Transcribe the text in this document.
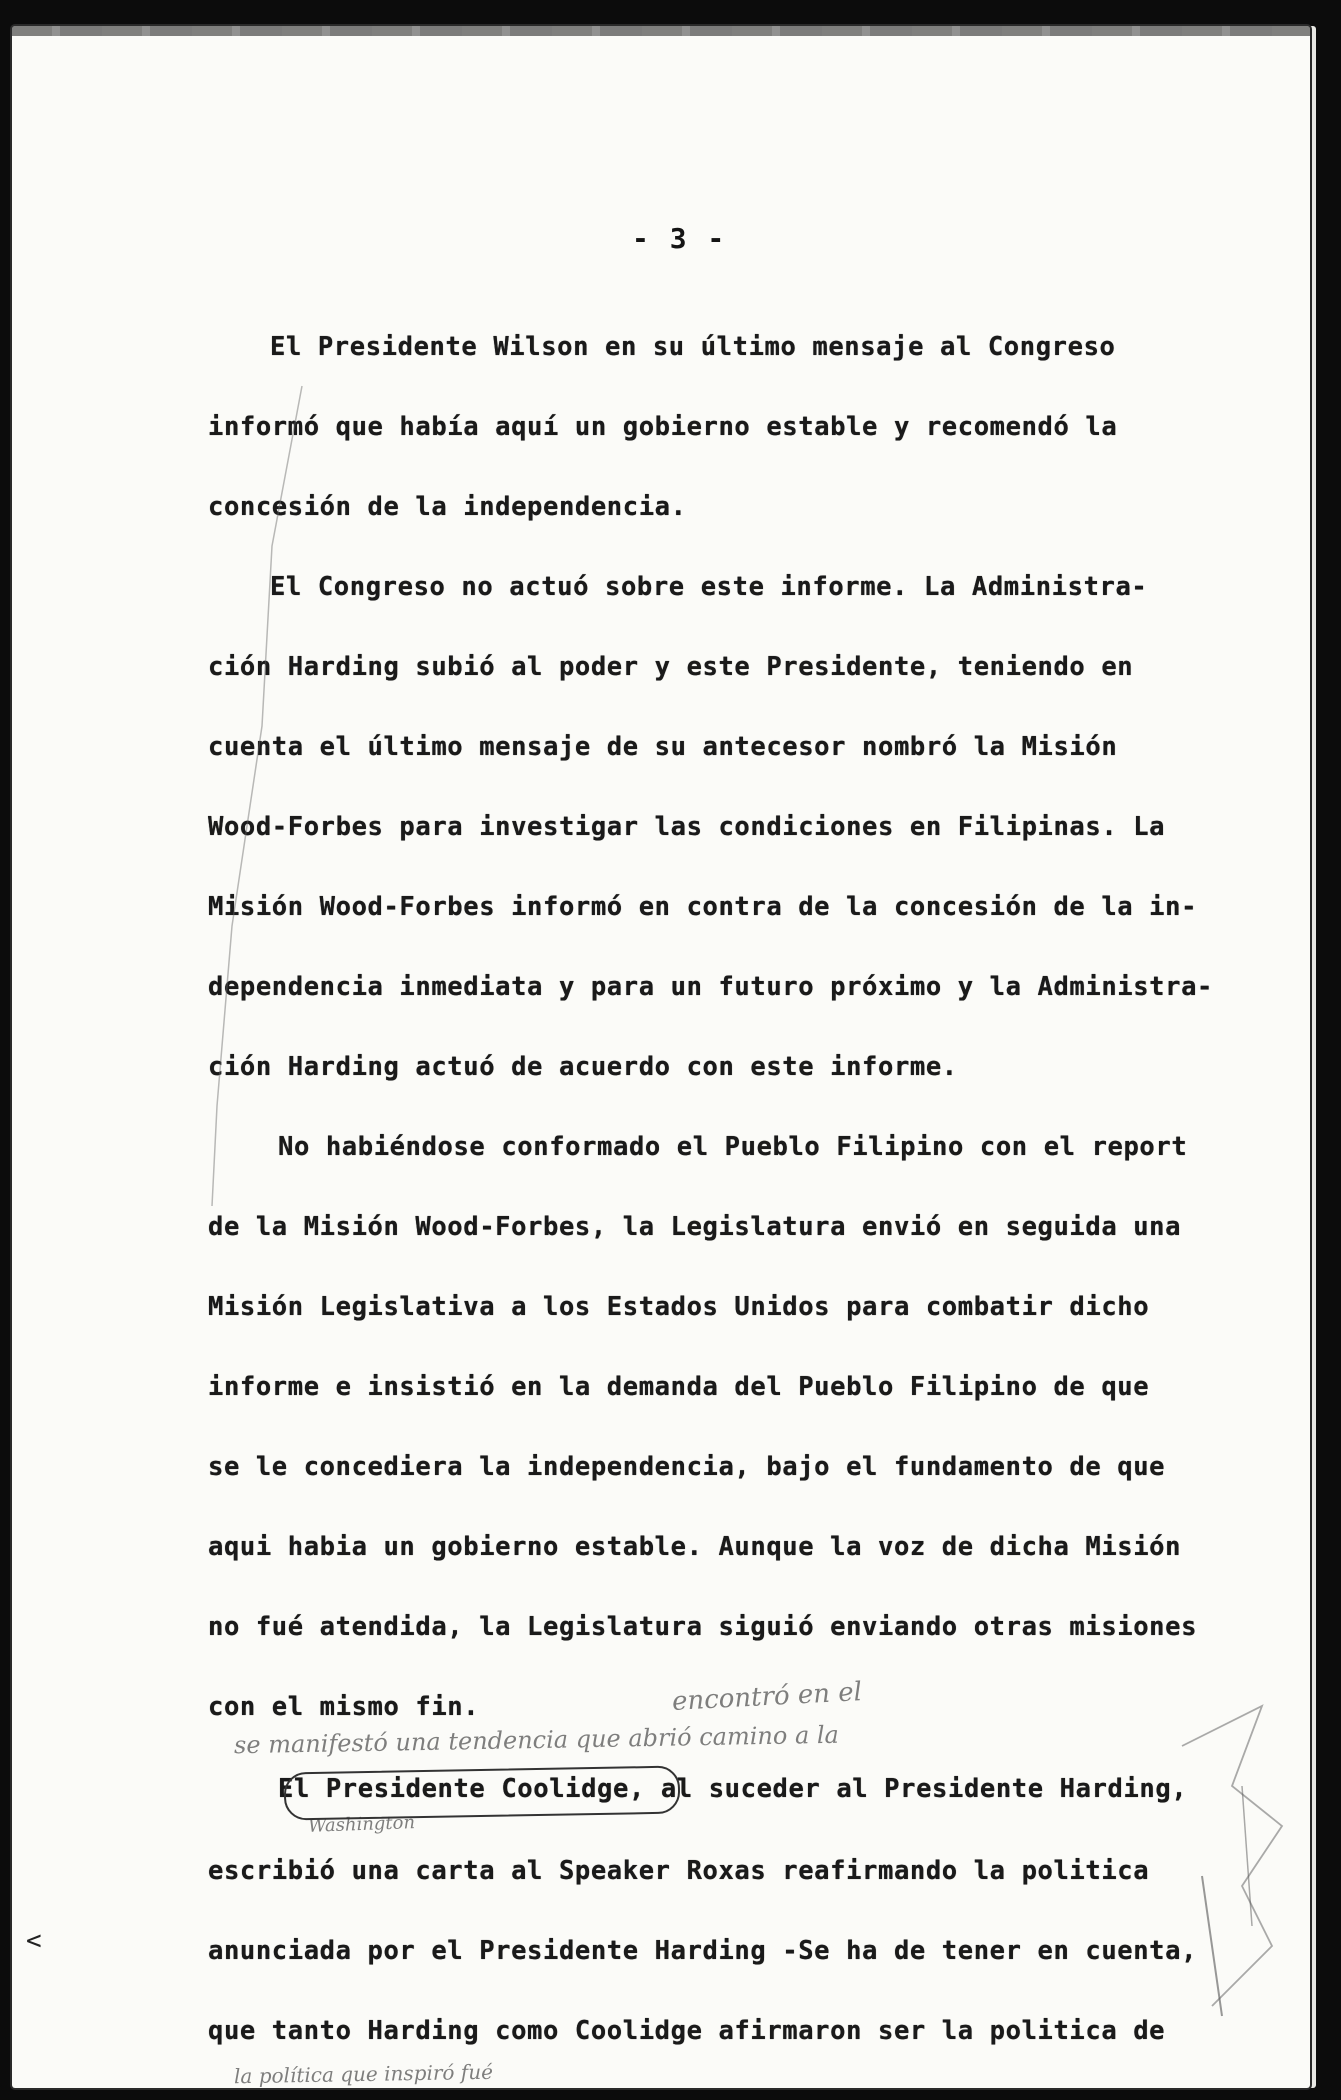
- 3 -
El Presidente Wilson en su último mensaje al Congreso
informó que había aquí un gobierno estable y recomendó la
concesión de la independencia.
El Congreso no actuó sobre este informe. La Administra-
ción Harding subió al poder y este Presidente, teniendo en
cuenta el último mensaje de su antecesor nombró la Misión
Wood-Forbes para investigar las condiciones en Filipinas. La
Misión Wood-Forbes informó en contra de la concesión de la in-
dependencia inmediata y para un futuro próximo y la Administra-
ción Harding actuó de acuerdo con este informe.
No habiéndose conformado el Pueblo Filipino con el report
de la Misión Wood-Forbes, la Legislatura envió en seguida una
Misión Legislativa a los Estados Unidos para combatir dicho
informe e insistió en la demanda del Pueblo Filipino de que
se le concediera la independencia, bajo el fundamento de que
aqui habia un gobierno estable. Aunque la voz de dicha Misión
no fué atendida, la Legislatura siguió enviando otras misiones
con el mismo fin.
El Presidente Coolidge, al suceder al Presidente Harding,
escribió una carta al Speaker Roxas reafirmando la politica
anunciada por el Presidente Harding -Se ha de tener en cuenta,
que tanto Harding como Coolidge afirmaron ser la politica de
encontró en el
se manifestó una tendencia que abrió camino a la
Washington
la política que inspiró fué
<
